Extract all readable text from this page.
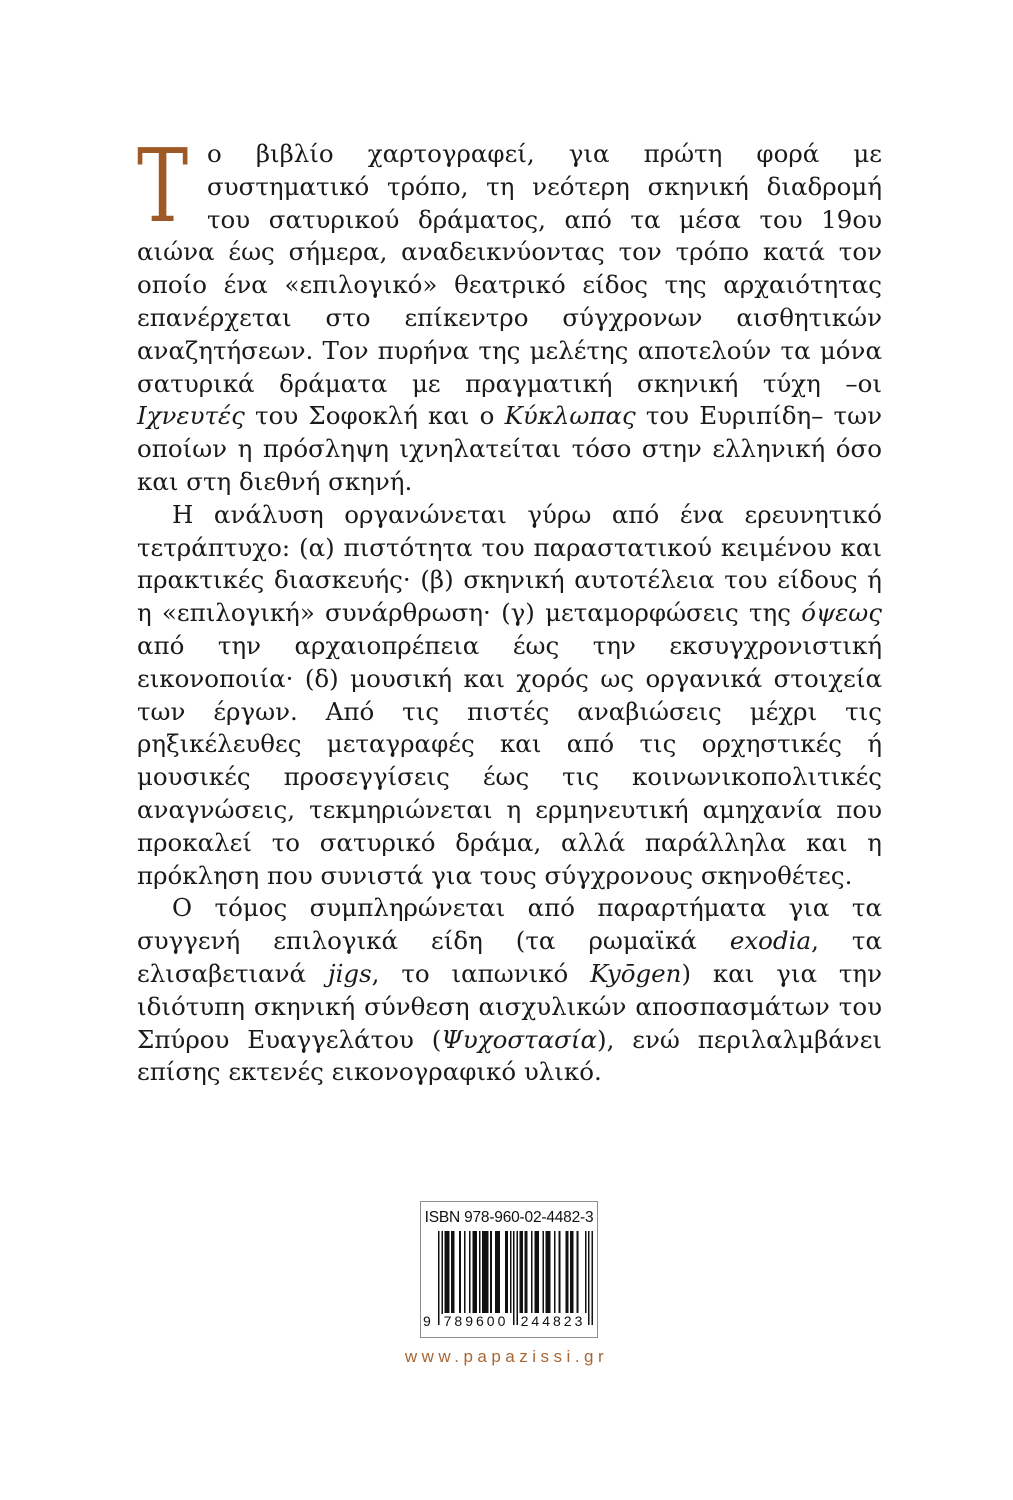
Το βιβλίο χαρτογραφεί, για πρώτη φορά με συστηματικό τρόπο, τη νεότερη σκηνική διαδρομή του σατυρικού δράματος, από τα μέσα του 19ου αιώνα έως σήμερα, αναδεικνύοντας τον τρόπο κατά τον οποίο ένα «επιλογικό» θεατρικό είδος της αρχαιότητας επανέρχεται στο επίκεντρο σύγχρονων αισθητικών αναζητήσεων. Τον πυρήνα της μελέτης αποτελούν τα μόνα σατυρικά δράματα με πραγματική σκηνική τύχη –οι Ιχνευτές του Σοφοκλή και ο Κύκλωπας του Ευριπίδη– των οποίων η πρόσληψη ιχνηλατείται τόσο στην ελληνική όσο και στη διεθνή σκηνή.

Η ανάλυση οργανώνεται γύρω από ένα ερευνητικό τετράπτυχο: (α) πιστότητα του παραστατικού κειμένου και πρακτικές διασκευής· (β) σκηνική αυτοτέλεια του είδους ή η «επιλογική» συνάρθρωση· (γ) μεταμορφώσεις της όψεως από την αρχαιοπρέπεια έως την εκσυγχρονιστική εικονοποιία· (δ) μουσική και χορός ως οργανικά στοιχεία των έργων. Από τις πιστές αναβιώσεις μέχρι τις ρηξικέλευθες μεταγραφές και από τις ορχηστικές ή μουσικές προσεγγίσεις έως τις κοινωνικοπολιτικές αναγνώσεις, τεκμηριώνεται η ερμηνευτική αμηχανία που προκαλεί το σατυρικό δράμα, αλλά παράλληλα και η πρόκληση που συνιστά για τους σύγχρονους σκηνοθέτες.

Ο τόμος συμπληρώνεται από παραρτήματα για τα συγγενή επιλογικά είδη (τα ρωμαϊκά exodia, τα ελισαβετιανά jigs, το ιαπωνικό Kyōgen) και για την ιδιότυπη σκηνική σύνθεση αισχυλικών αποσπασμάτων του Σπύρου Ευαγγελάτου (Ψυχοστασία), ενώ περιλαλμβάνει επίσης εκτενές εικονογραφικό υλικό.

ISBN 978-960-02-4482-3
9 789600 244823
www.papazissi.gr
